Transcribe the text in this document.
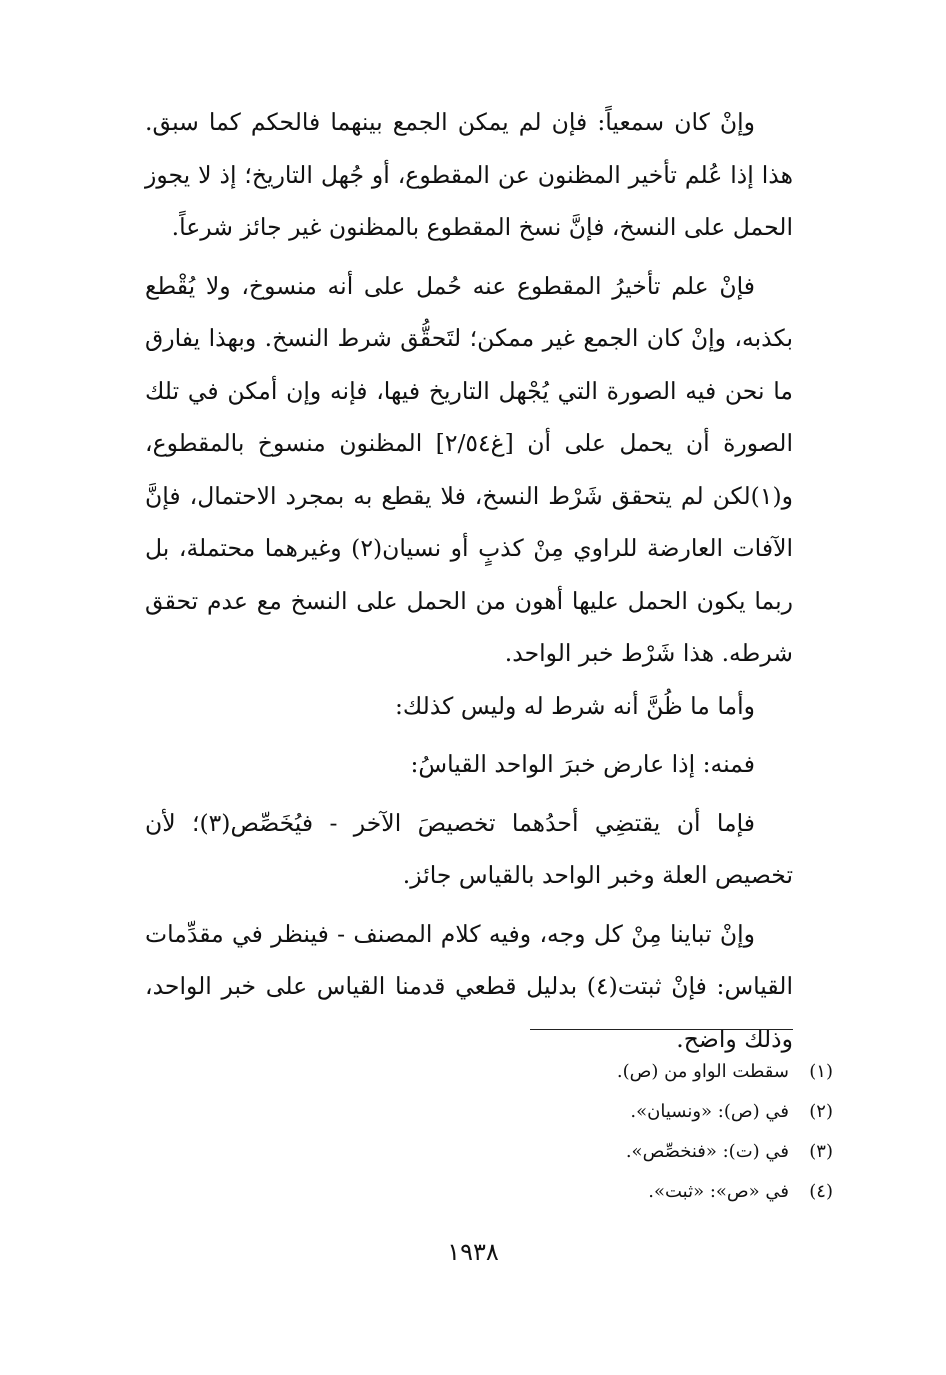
وإنْ كان سمعياً: فإن لم يمكن الجمع بينهما فالحكم كما سبق. هذا إذا عُلم تأخير المظنون عن المقطوع، أو جُهل التاريخ؛ إذ لا يجوز الحمل على النسخ، فإنَّ نسخ المقطوع بالمظنون غير جائز شرعاً.

فإنْ علم تأخيرُ المقطوع عنه حُمل على أنه منسوخ، ولا يُقْطع بكذبه، وإنْ كان الجمع غير ممكن؛ لتَحقُّق شرط النسخ. وبهذا يفارق ما نحن فيه الصورة التي يُجْهل التاريخ فيها، فإنه وإن أمكن في تلك الصورة أن يحمل على أن [غ٢/٥٤] المظنون منسوخ بالمقطوع، و(١)لكن لم يتحقق شَرْط النسخ، فلا يقطع به بمجرد الاحتمال، فإنَّ الآفات العارضة للراوي مِنْ كذبٍ أو نسيان(٢) وغيرهما محتملة، بل ربما يكون الحمل عليها أهون من الحمل على النسخ مع عدم تحقق شرطه. هذا شَرْط خبر الواحد.

وأما ما ظُنَّ أنه شرط له وليس كذلك:

فمنه: إذا عارض خبرَ الواحد القياسُ:

فإما أن يقتضِي أحدُهما تخصيصَ الآخر - فيُخَصِّص(٣)؛ لأن تخصيص العلة وخبر الواحد بالقياس جائز.

وإنْ تباينا مِنْ كل وجه، وفيه كلام المصنف - فينظر في مقدِّمات القياس: فإنْ ثبتت(٤) بدليل قطعي قدمنا القياس على خبر الواحد، وذلك واضح.

(١)سقطت الواو من (ص).

(٢)في (ص): «ونسيان».

(٣)في (ت): «فنخصِّص».

(٤)في «ص»: «ثبت».

١٩٣٨
